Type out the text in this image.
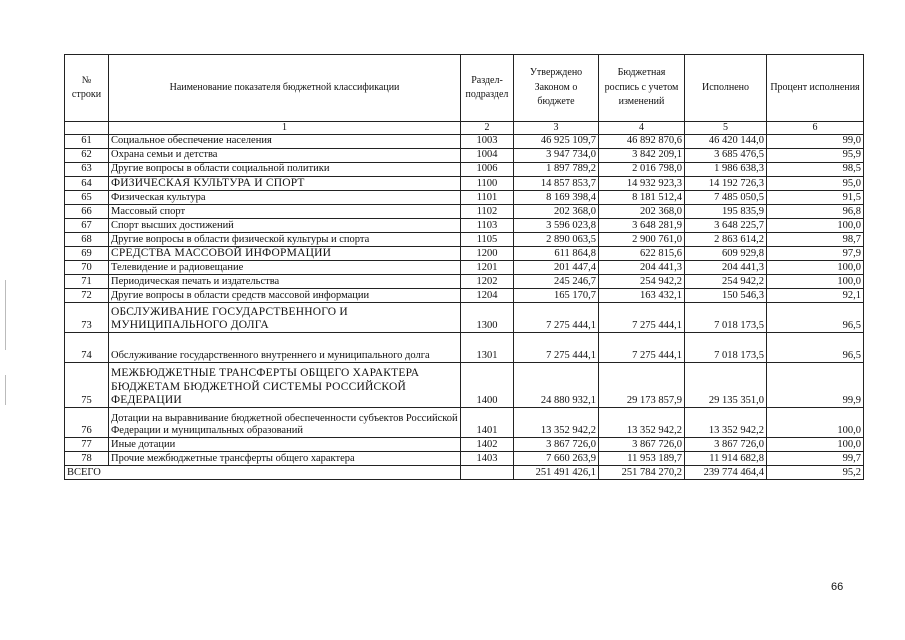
№ строки	Наименование показателя бюджетной классификации	Раздел-подраздел	Утверждено Законом о бюджете	Бюджетная роспись с учетом изменений	Исполнено	Процент исполнения
	1	2	3	4	5	6
61	Социальное обеспечение населения	1003	46 925 109,7	46 892 870,6	46 420 144,0	99,0
62	Охрана семьи и детства	1004	3 947 734,0	3 842 209,1	3 685 476,5	95,9
63	Другие вопросы в области социальной политики	1006	1 897 789,2	2 016 798,0	1 986 638,3	98,5
64	ФИЗИЧЕСКАЯ КУЛЬТУРА И СПОРТ	1100	14 857 853,7	14 932 923,3	14 192 726,3	95,0
65	Физическая культура	1101	8 169 398,4	8 181 512,4	7 485 050,5	91,5
66	Массовый спорт	1102	202 368,0	202 368,0	195 835,9	96,8
67	Спорт высших достижений	1103	3 596 023,8	3 648 281,9	3 648 225,7	100,0
68	Другие вопросы в области физической культуры и спорта	1105	2 890 063,5	2 900 761,0	2 863 614,2	98,7
69	СРЕДСТВА МАССОВОЙ ИНФОРМАЦИИ	1200	611 864,8	622 815,6	609 929,8	97,9
70	Телевидение и радиовещание	1201	201 447,4	204 441,3	204 441,3	100,0
71	Периодическая печать и издательства	1202	245 246,7	254 942,2	254 942,2	100,0
72	Другие вопросы в области средств массовой информации	1204	165 170,7	163 432,1	150 546,3	92,1
73	ОБСЛУЖИВАНИЕ ГОСУДАРСТВЕННОГО И МУНИЦИПАЛЬНОГО ДОЛГА	1300	7 275 444,1	7 275 444,1	7 018 173,5	96,5
74	Обслуживание государственного внутреннего и муниципального долга	1301	7 275 444,1	7 275 444,1	7 018 173,5	96,5
75	МЕЖБЮДЖЕТНЫЕ ТРАНСФЕРТЫ ОБЩЕГО ХАРАКТЕРА БЮДЖЕТАМ БЮДЖЕТНОЙ СИСТЕМЫ РОССИЙСКОЙ ФЕДЕРАЦИИ	1400	24 880 932,1	29 173 857,9	29 135 351,0	99,9
76	Дотации на выравнивание бюджетной обеспеченности субъектов Российской Федерации и муниципальных образований	1401	13 352 942,2	13 352 942,2	13 352 942,2	100,0
77	Иные дотации	1402	3 867 726,0	3 867 726,0	3 867 726,0	100,0
78	Прочие межбюджетные трансферты общего характера	1403	7 660 263,9	11 953 189,7	11 914 682,8	99,7
ВСЕГО			251 491 426,1	251 784 270,2	239 774 464,4	95,2
66
